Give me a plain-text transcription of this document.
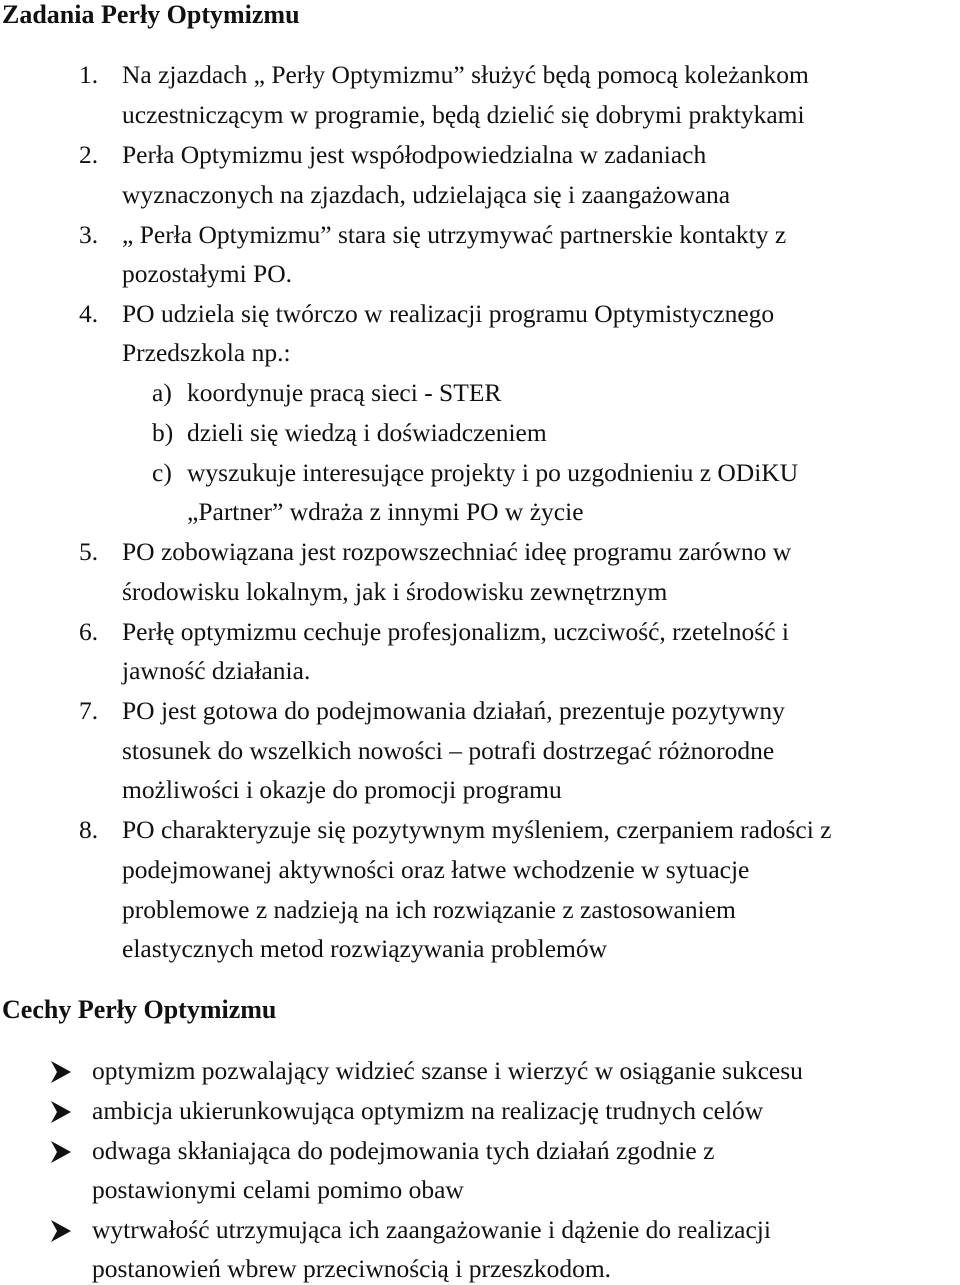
Zadania Perły Optymizmu
1. Na zjazdach „ Perły Optymizmu” służyć będą pomocą koleżankom
uczestniczącym w programie, będą dzielić się dobrymi praktykami
2. Perła Optymizmu jest współodpowiedzialna w zadaniach
wyznaczonych na zjazdach, udzielająca się i zaangażowana
3. „ Perła Optymizmu” stara się utrzymywać partnerskie kontakty z
pozostałymi PO.
4. PO udziela się twórczo w realizacji programu Optymistycznego
Przedszkola np.:
a) koordynuje pracą sieci - STER
b) dzieli się wiedzą i doświadczeniem
c) wyszukuje interesujące projekty i po uzgodnieniu z ODiKU
„Partner” wdraża z innymi PO w życie
5. PO zobowiązana jest rozpowszechniać ideę programu zarówno w
środowisku lokalnym, jak i środowisku zewnętrznym
6. Perłę optymizmu cechuje profesjonalizm, uczciwość, rzetelność i
jawność działania.
7. PO jest gotowa do podejmowania działań, prezentuje pozytywny
stosunek do wszelkich nowości – potrafi dostrzegać różnorodne
możliwości i okazje do promocji programu
8. PO charakteryzuje się pozytywnym myśleniem, czerpaniem radości z
podejmowanej aktywności oraz łatwe wchodzenie w sytuacje
problemowe z nadzieją na ich rozwiązanie z zastosowaniem
elastycznych metod rozwiązywania problemów
Cechy Perły Optymizmu
optymizm pozwalający widzieć szanse i wierzyć w osiąganie sukcesu
ambicja ukierunkowująca optymizm na realizację trudnych celów
odwaga skłaniająca do podejmowania tych działań zgodnie z
postawionymi celami pomimo obaw
wytrwałość utrzymująca ich zaangażowanie i dążenie do realizacji
postanowień wbrew przeciwnością i przeszkodom.
